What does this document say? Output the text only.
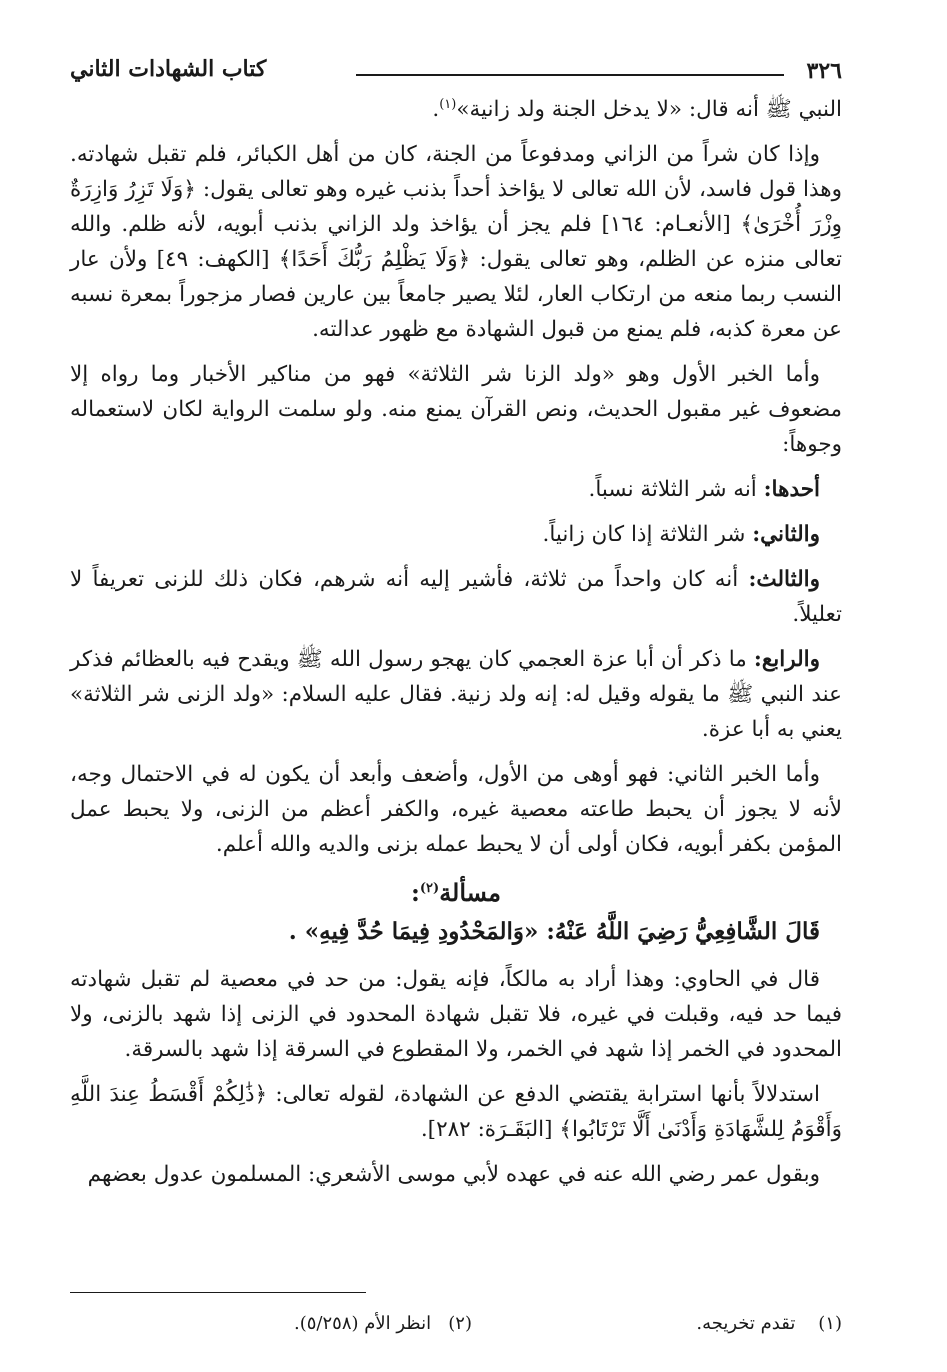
٣٢٦
كتاب الشهادات الثاني

النبي ﷺ أنه قال: «لا يدخل الجنة ولد زانية»$^{(١)}$.

وإذا كان شراً من الزاني ومدفوعاً من الجنة، كان من أهل الكبائر، فلم تقبل شهادته. وهذا قول فاسد، لأن الله تعالى لا يؤاخذ أحداً بذنب غيره وهو تعالى يقول: ﴿وَلَا تَزِرُ وَازِرَةٌ وِزْرَ أُخْرَىٰ﴾ [الأنعـام: ١٦٤] فلم يجز أن يؤاخذ ولد الزاني بذنب أبويه، لأنه ظلم. والله تعالى منزه عن الظلم، وهو تعالى يقول: ﴿وَلَا يَظْلِمُ رَبُّكَ أَحَدًا﴾ [الكهف: ٤٩] ولأن عار النسب ربما منعه من ارتكاب العار، لئلا يصير جامعاً بين عارين فصار مزجوراً بمعرة نسبه عن معرة كذبه، فلم يمنع من قبول الشهادة مع ظهور عدالته.

وأما الخبر الأول وهو «ولد الزنا شر الثلاثة» فهو من مناكير الأخبار وما رواه إلا مضعوف غير مقبول الحديث، ونص القرآن يمنع منه. ولو سلمت الرواية لكان لاستعماله وجوهاً:

أحدها: أنه شر الثلاثة نسباً.

والثاني: شر الثلاثة إذا كان زانياً.

والثالث: أنه كان واحداً من ثلاثة، فأشير إليه أنه شرهم، فكان ذلك للزنى تعريفاً لا تعليلاً.

والرابع: ما ذكر أن أبا عزة العجمي كان يهجو رسول الله ﷺ ويقدح فيه بالعظائم فذكر عند النبي ﷺ ما يقوله وقيل له: إنه ولد زنية. فقال عليه السلام: «ولد الزنى شر الثلاثة» يعني به أبا عزة.

وأما الخبر الثاني: فهو أوهى من الأول، وأضعف وأبعد أن يكون له في الاحتمال وجه، لأنه لا يجوز أن يحبط طاعته معصية غيره، والكفر أعظم من الزنى، ولا يحبط عمل المؤمن بكفر أبويه، فكان أولى أن لا يحبط عمله بزنى والديه والله أعلم.

مسألة$^{(٢)}$:

قَالَ الشَّافِعِيُّ رَضِيَ اللَّهُ عَنْهُ: «وَالمَحْدُودِ فِيمَا حُدَّ فِيهِ» .

قال في الحاوي: وهذا أراد به مالكاً، فإنه يقول: من حد في معصية لم تقبل شهادته فيما حد فيه، وقبلت في غيره، فلا تقبل شهادة المحدود في الزنى إذا شهد بالزنى، ولا المحدود في الخمر إذا شهد في الخمر، ولا المقطوع في السرقة إذا شهد بالسرقة.

استدلالاً بأنها استرابة يقتضي الدفع عن الشهادة، لقوله تعالى: ﴿ذَٰلِكُمْ أَقْسَطُ عِندَ اللَّهِ وَأَقْوَمُ لِلشَّهَادَةِ وَأَدْنَىٰ أَلَّا تَرْتَابُوا﴾ [البَقَـرَة: ٢٨٢].

وبقول عمر رضي الله عنه في عهده لأبي موسى الأشعري: المسلمون عدول بعضهم

(١)    تقدم تخريجه.
(٢)   انظر الأم (٥/٢٥٨).
